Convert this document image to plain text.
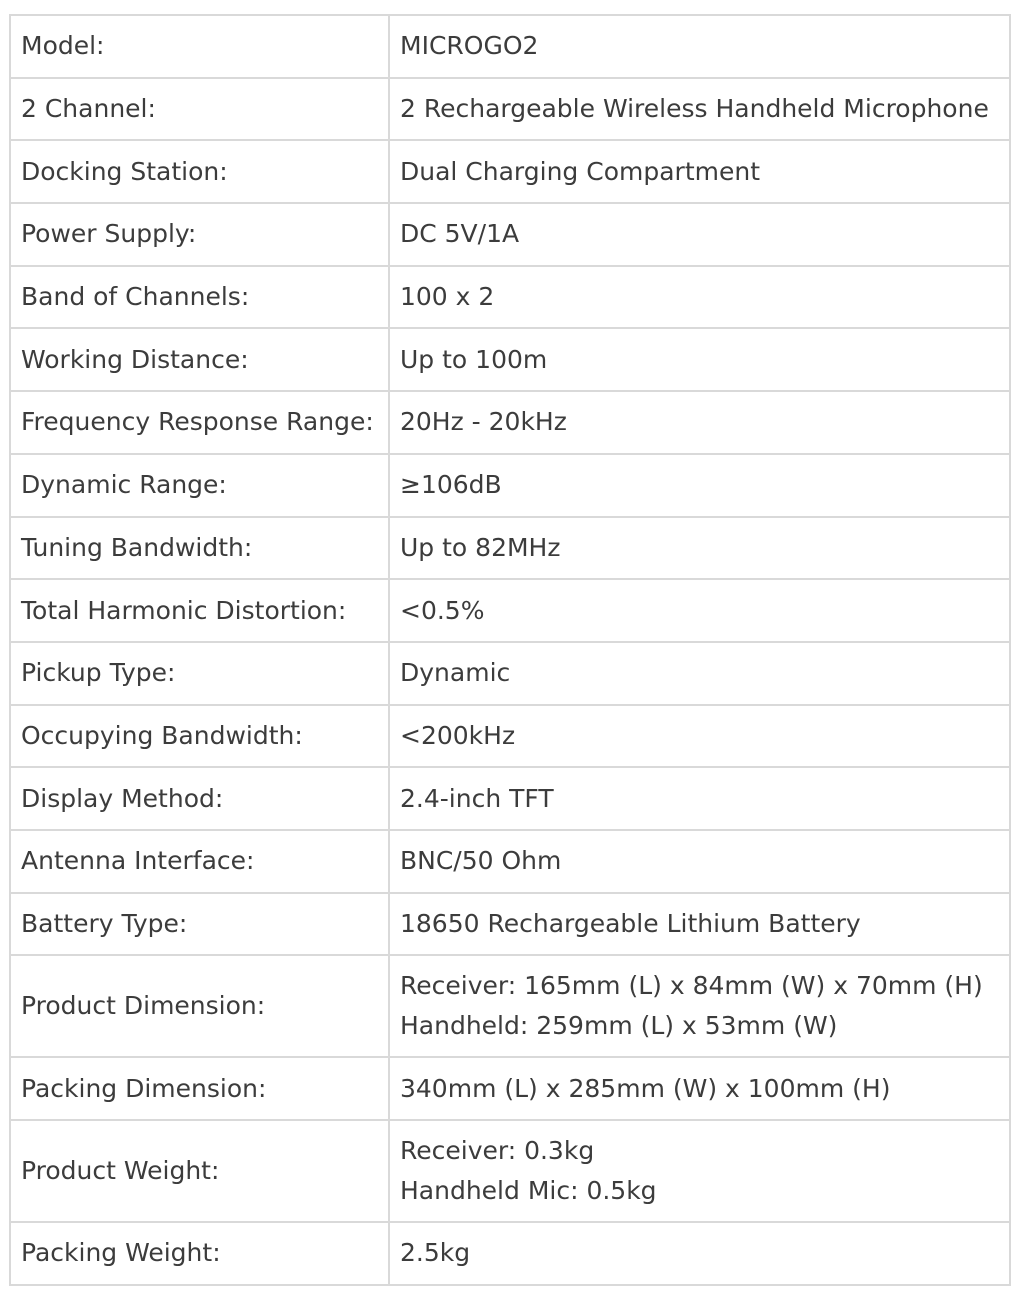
Model:	MICROGO2

2 Channel:	2 Rechargeable Wireless Handheld Microphone

Docking Station:	Dual Charging Compartment

Power Supply:	DC 5V/1A

Band of Channels:	100 x 2

Working Distance:	Up to 100m

Frequency Response Range:	20Hz - 20kHz

Dynamic Range:	≥106dB

Tuning Bandwidth:	Up to 82MHz

Total Harmonic Distortion:	<0.5%

Pickup Type:	Dynamic

Occupying Bandwidth:	<200kHz

Display Method:	2.4-inch TFT

Antenna Interface:	BNC/50 Ohm

Battery Type:	18650 Rechargeable Lithium Battery

Product Dimension:	Receiver: 165mm (L) x 84mm (W) x 70mm (H)
Handheld: 259mm (L) x 53mm (W)

Packing Dimension:	340mm (L) x 285mm (W) x 100mm (H)

Product Weight:	Receiver: 0.3kg
Handheld Mic: 0.5kg

Packing Weight:	2.5kg
